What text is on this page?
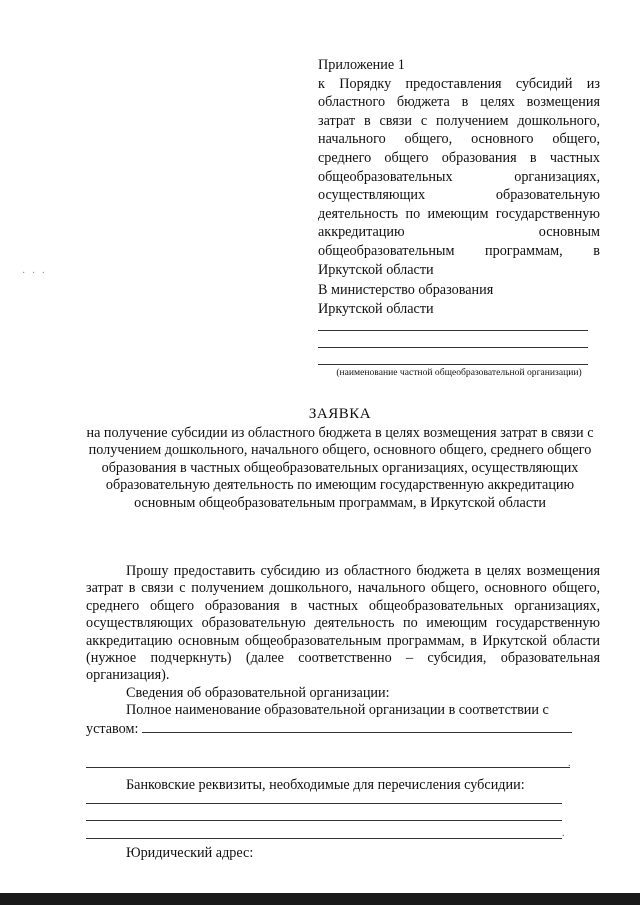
· · ·

Приложение 1

к Порядку предоставления субсидий из областного бюджета в целях возмещения затрат в связи с получением дошкольного, начального общего, основного общего, среднего общего образования в частных общеобразовательных организациях, осуществляющих образовательную деятельность по имеющим государственную аккредитацию основным общеобразовательным программам, в Иркутской области

В министерство образования
Иркутской области
(наименование частной общеобразовательной организации)
ЗАЯВКА
на получение субсидии из областного бюджета в целях возмещения затрат в связи с получением дошкольного, начального общего, основного общего, среднего общего образования в частных общеобразовательных организациях, осуществляющих образовательную деятельность по имеющим государственную аккредитацию основным общеобразовательным программам, в Иркутской области

Прошу предоставить субсидию из областного бюджета в целях возмещения затрат в связи с получением дошкольного, начального общего, основного общего, среднего общего образования в частных общеобразовательных организациях, осуществляющих образовательную деятельность по имеющим государственную аккредитацию основным общеобразовательным программам, в Иркутской области (нужное подчеркнуть) (далее соответственно – субсидия, образовательная организация).

Сведения об образовательной организации:

Полное наименование образовательной организации в соответствии с уставом:

.
Банковские реквизиты, необходимые для перечисления субсидии:
.
Юридический адрес:
